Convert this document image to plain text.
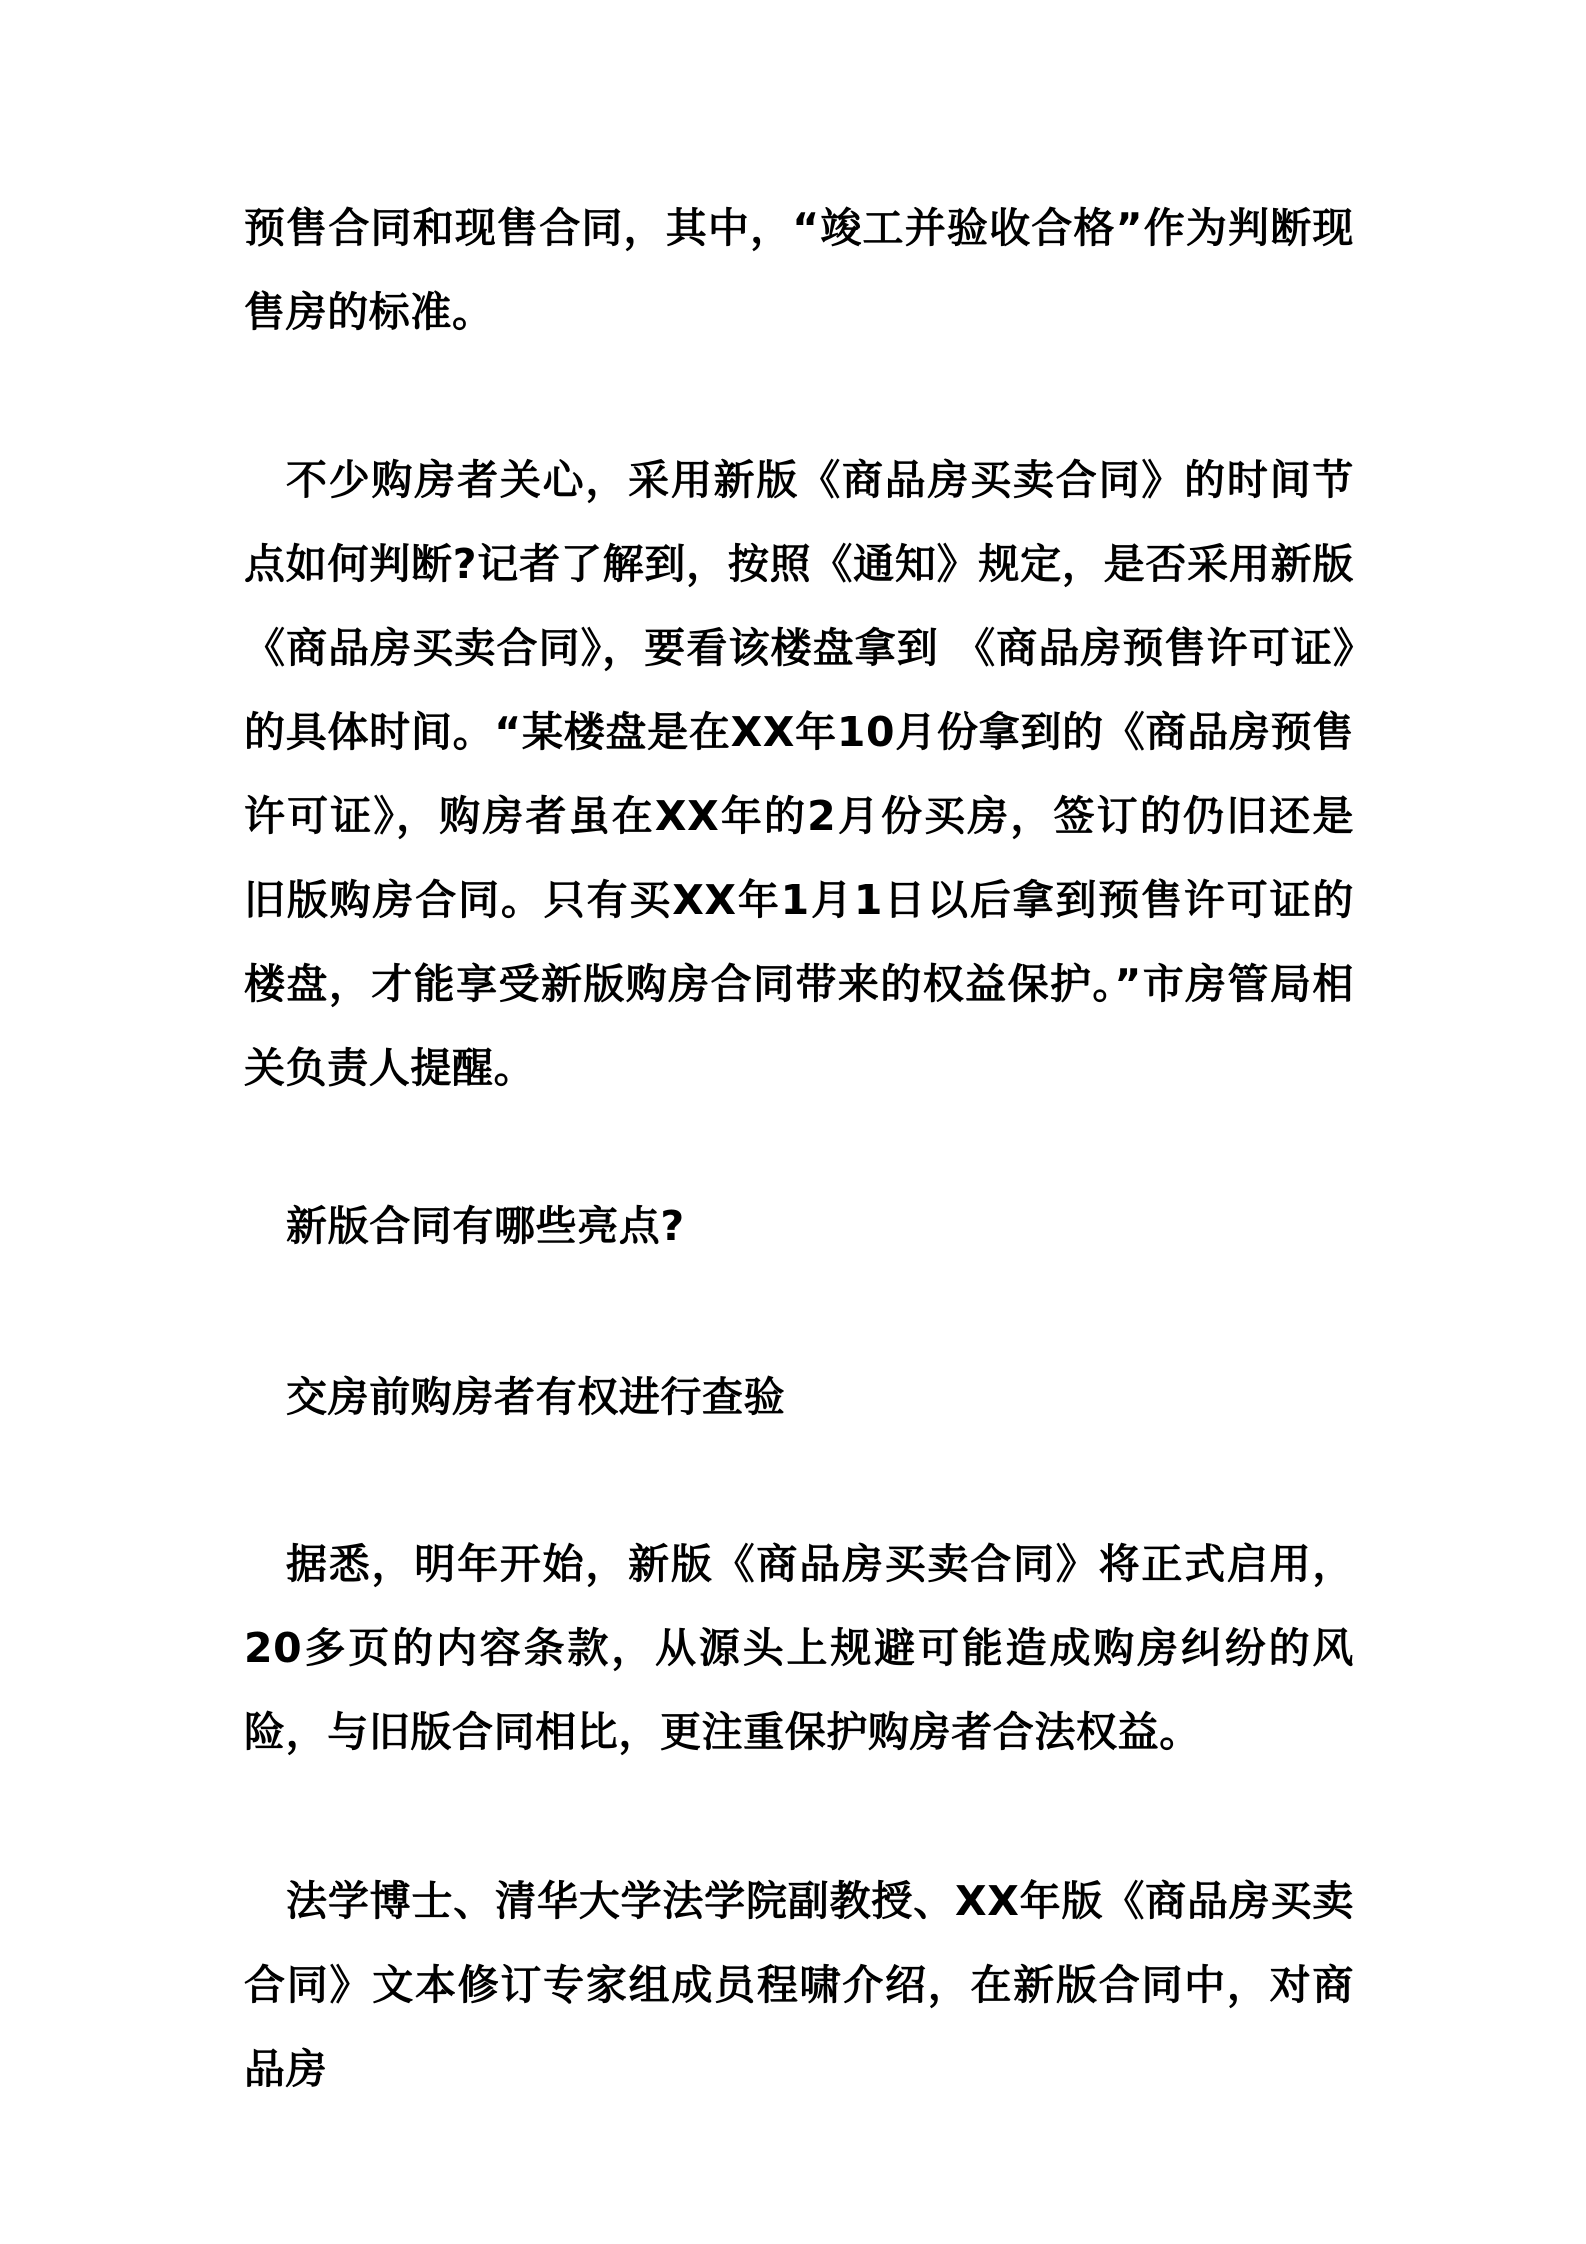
预售合同和现售合同，其中，“竣工并验收合格”作为判断现售房的标准。

不少购房者关心，采用新版《商品房买卖合同》的时间节点如何判断?记者了解到，按照《通知》规定，是否采用新版《商品房买卖合同》，要看该楼盘拿到 《商品房预售许可证》的具体时间。“某楼盘是在XX年10月份拿到的《商品房预售许可证》，购房者虽在XX年的2月份买房，签订的仍旧还是旧版购房合同。只有买XX年1月1日以后拿到预售许可证的楼盘，才能享受新版购房合同带来的权益保护。”市房管局相关负责人提醒。

新版合同有哪些亮点?

交房前购房者有权进行查验

据悉，明年开始，新版《商品房买卖合同》将正式启用，20多页的内容条款，从源头上规避可能造成购房纠纷的风险，与旧版合同相比，更注重保护购房者合法权益。

法学博士、清华大学法学院副教授、XX年版《商品房买卖合同》文本修订专家组成员程啸介绍，在新版合同中，对商品房
